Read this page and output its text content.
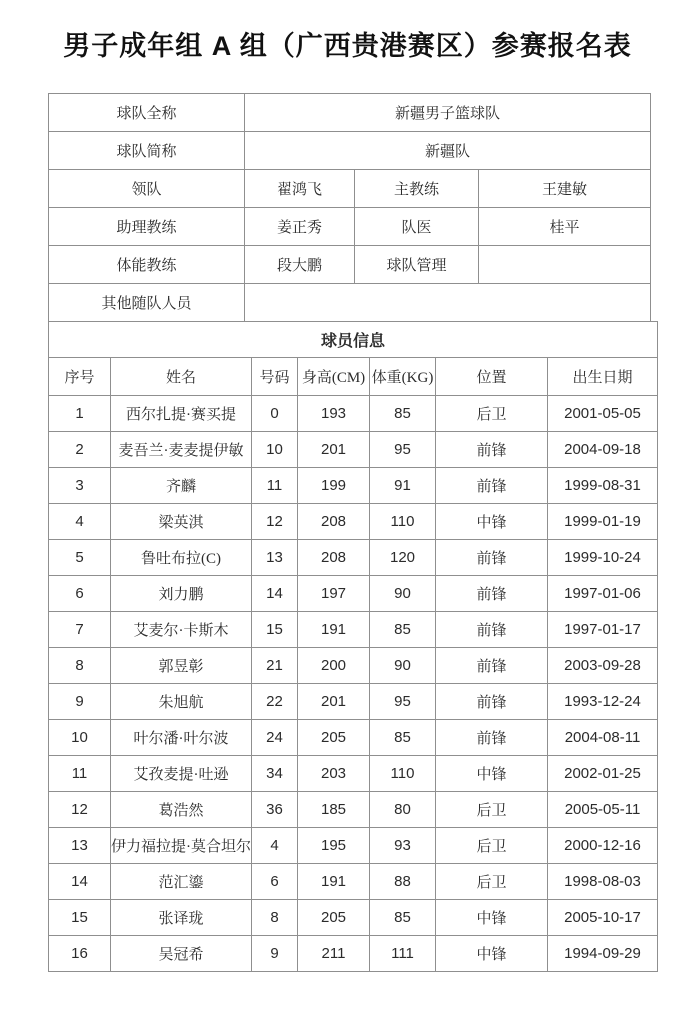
男子成年组 A 组（广西贵港赛区）参赛报名表
球队全称	新疆男子篮球队		
球队简称	新疆队		
领队	翟鸿飞	主教练	王建敏
助理教练	姜正秀	队医	桂平
体能教练	段大鹏	球队管理	
其他随队人员			
球员信息						
序号	姓名	号码	身高(CM)	体重(KG)	位置	出生日期
1	西尔扎提·赛买提	0	193	85	后卫	2001-05-05
2	麦吾兰·麦麦提伊敏	10	201	95	前锋	2004-09-18
3	齐麟	11	199	91	前锋	1999-08-31
4	梁英淇	12	208	110	中锋	1999-01-19
5	鲁吐布拉(C)	13	208	120	前锋	1999-10-24
6	刘力鹏	14	197	90	前锋	1997-01-06
7	艾麦尔·卡斯木	15	191	85	前锋	1997-01-17
8	郭昱彰	21	200	90	前锋	2003-09-28
9	朱旭航	22	201	95	前锋	1993-12-24
10	叶尔潘·叶尔波	24	205	85	前锋	2004-08-11
11	艾孜麦提·吐逊	34	203	110	中锋	2002-01-25
12	葛浩然	36	185	80	后卫	2005-05-11
13	伊力福拉提·莫合坦尔	4	195	93	后卫	2000-12-16
14	范汇鎏	6	191	88	后卫	1998-08-03
15	张译珑	8	205	85	中锋	2005-10-17
16	吴冠希	9	211	111	中锋	1994-09-29
